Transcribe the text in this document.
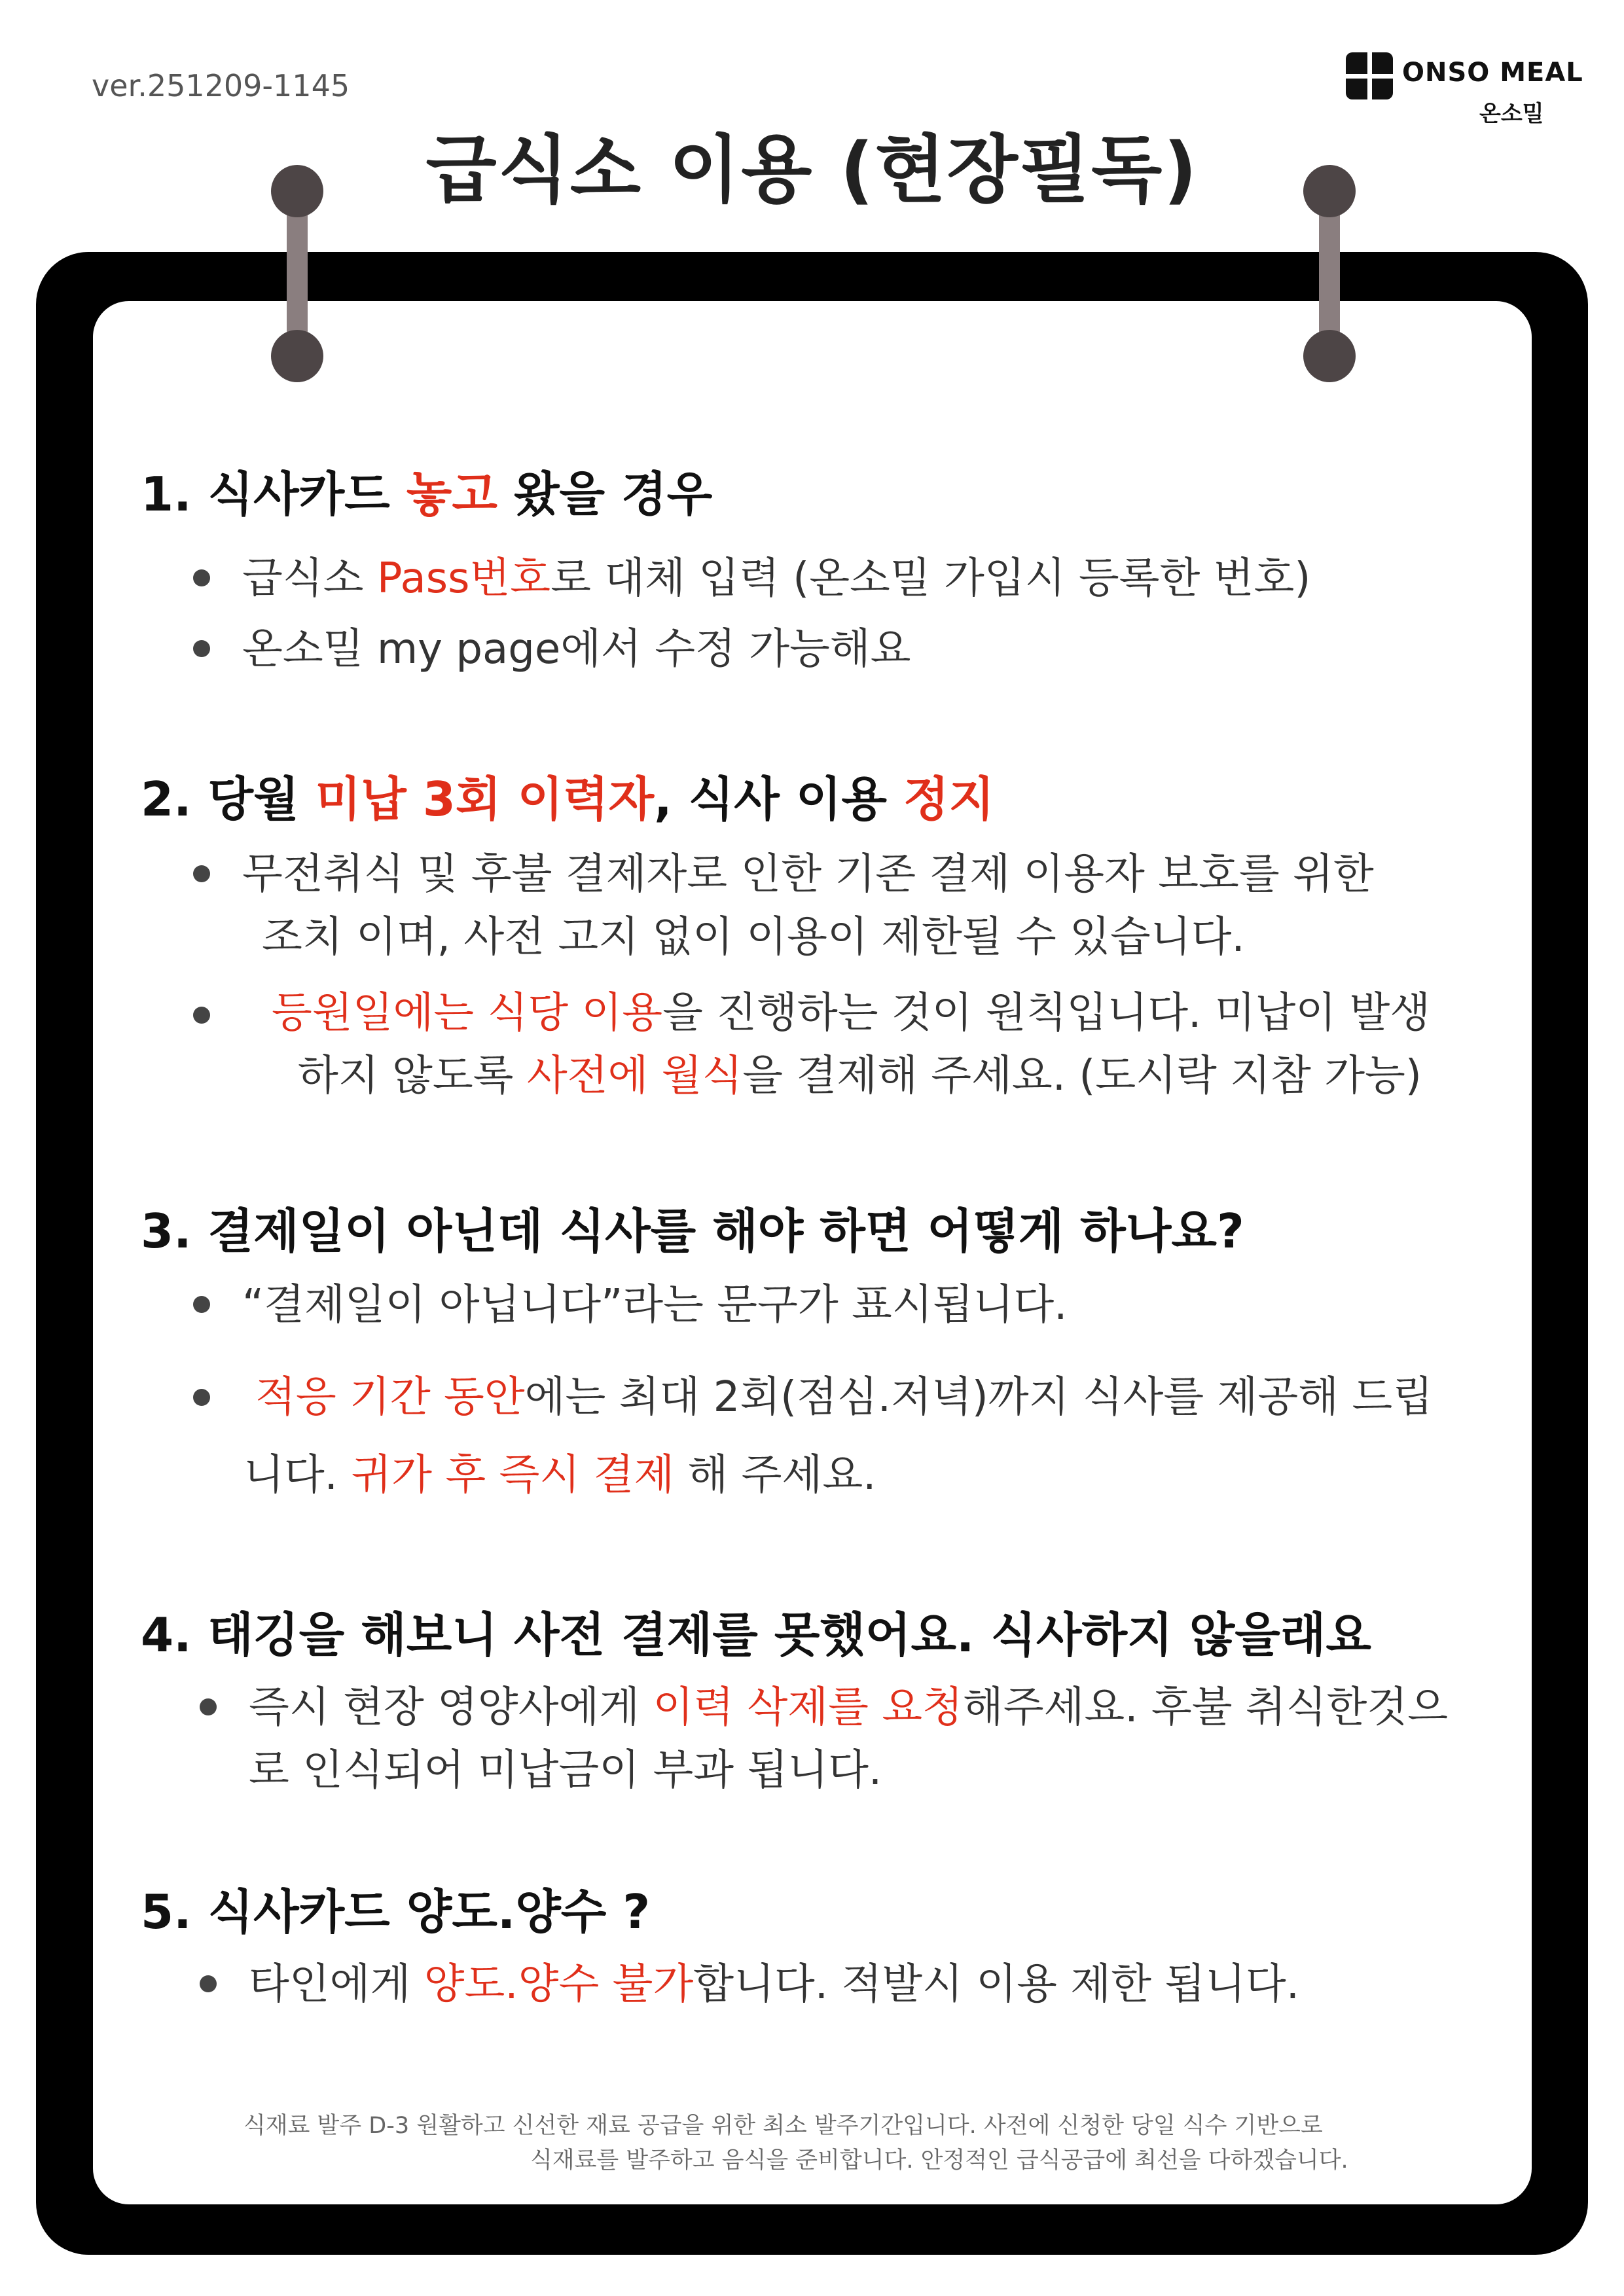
ver.251209-1145	ONSO MEAL
온소밀
급식소 이용 (현장필독)
1. 식사카드 놓고 왔을 경우
급식소 Pass번호로 대체 입력 (온소밀 가입시 등록한 번호)
온소밀 my page에서 수정 가능해요
2. 당월 미납 3회 이력자, 식사 이용 정지
무전취식 및 후불 결제자로 인한 기존 결제 이용자 보호를 위한
조치 이며, 사전 고지 없이 이용이 제한될 수 있습니다.
등원일에는 식당 이용을 진행하는 것이 원칙입니다. 미납이 발생
하지 않도록 사전에 월식을 결제해 주세요. (도시락 지참 가능)
3. 결제일이 아닌데 식사를 해야 하면 어떻게 하나요?
“결제일이 아닙니다”라는 문구가 표시됩니다.
적응 기간 동안에는 최대 2회(점심.저녁)까지 식사를 제공해 드립
니다. 귀가 후 즉시 결제 해 주세요.
4. 태깅을 해보니 사전 결제를 못했어요. 식사하지 않을래요
즉시 현장 영양사에게 이력 삭제를 요청해주세요. 후불 취식한것으
로 인식되어 미납금이 부과 됩니다.
5. 식사카드 양도.양수 ?
타인에게 양도.양수 불가합니다. 적발시 이용 제한 됩니다.
식재료 발주 D-3 원활하고 신선한 재료 공급을 위한 최소 발주기간입니다. 사전에 신청한 당일 식수 기반으로
식재료를 발주하고 음식을 준비합니다. 안정적인 급식공급에 최선을 다하겠습니다.
